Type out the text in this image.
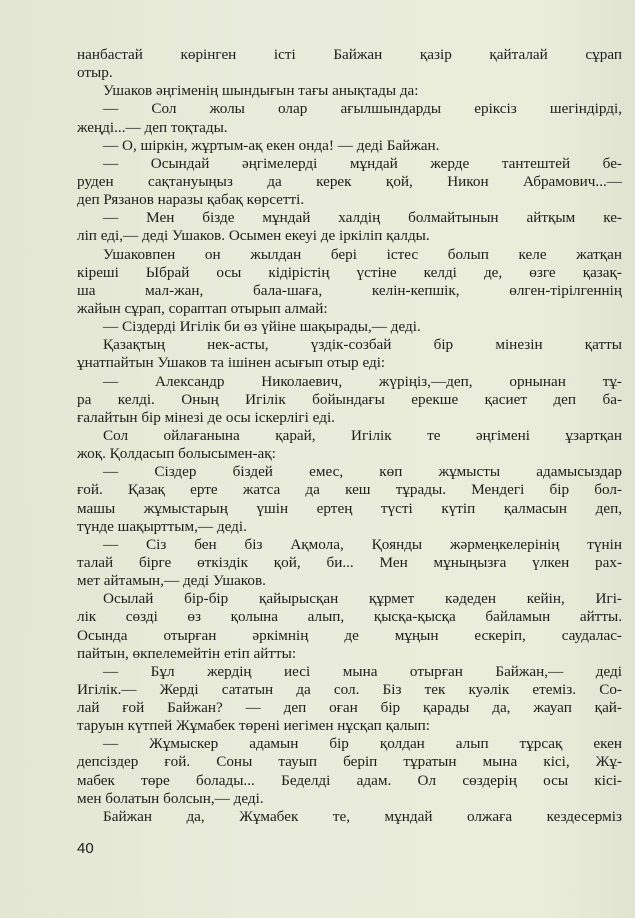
нанбастай көрінген істі Байжан қазір қайталай сұрап
отыр.
Ушаков әңгіменің шындығын тағы анықтады да:
— Сол жолы олар ағылшындарды еріксіз шегіндірді,
жеңді...— деп тоқтады.
— О, шіркін, жұртым-ақ екен онда! — деді Байжан.
— Осындай әңгімелерді мұндай жерде тантештей бе-
руден сақтануыңыз да керек қой, Никон Абрамович...—
деп Рязанов наразы қабақ көрсетті.
— Мен бізде мұндай халдің болмайтынын айтқым ке-
ліп еді,— деді Ушаков. Осымен екеуі де іркіліп қалды.
Ушаковпен он жылдан бері істес болып келе жатқан
кіреші Ыбрай осы кідірістің үстіне келді де, өзге қазақ-
ша мал-жан, бала-шаға, келін-кепшік, өлген-тірілгеннің
жайын сұрап, сораптап отырып алмай:
— Сіздерді Игілік би өз үйіне шақырады,— деді.
Қазақтың нек-асты, үздік-созбай бір мінезін қатты
ұнатпайтын Ушаков та ішінен асығып отыр еді:
— Александр Николаевич, жүріңіз,—деп, орнынан тұ-
ра келді. Оның Игілік бойындағы ерекше қасиет деп ба-
ғалайтын бір мінезі де осы іскерлігі еді.
Сол ойлағанына қарай, Игілік те әңгімені ұзартқан
жоқ. Қолдасып болысымен-ақ:
— Сіздер біздей емес, көп жұмысты адамысыздар
ғой. Қазақ ерте жатса да кеш тұрады. Мендегі бір бол-
машы жұмыстарың үшін ертең түсті күтіп қалмасын деп,
түнде шақырттым,— деді.
— Сіз бен біз Ақмола, Қоянды жәрмеңкелерінің түнін
талай бірге өткіздік қой, би... Мен мұныңызға үлкен рах-
мет айтамын,— деді Ушаков.
Осылай бір-бір қайырысқан құрмет кәдеден кейін, Игі-
лік сөзді өз қолына алып, қысқа-қысқа байламын айтты.
Осында отырған әркімнің де мұңын ескеріп, саудалас-
пайтын, өкпелемейтін етіп айтты:
— Бұл жердің иесі мына отырған Байжан,— деді
Игілік.— Жерді сататын да сол. Біз тек куәлік етеміз. Со-
лай ғой Байжан? — деп оған бір қарады да, жауап қай-
таруын күтпей Жұмабек төрені иегімен нұсқап қалып:
— Жұмыскер адамын бір қолдан алып тұрсақ екен
депсіздер ғой. Соны тауып беріп тұратын мына кісі, Жұ-
мабек төре болады... Беделді адам. Ол сөздерің осы кісі-
мен болатын болсын,— деді.
Байжан да, Жұмабек те, мұндай олжаға кездесерміз
40
